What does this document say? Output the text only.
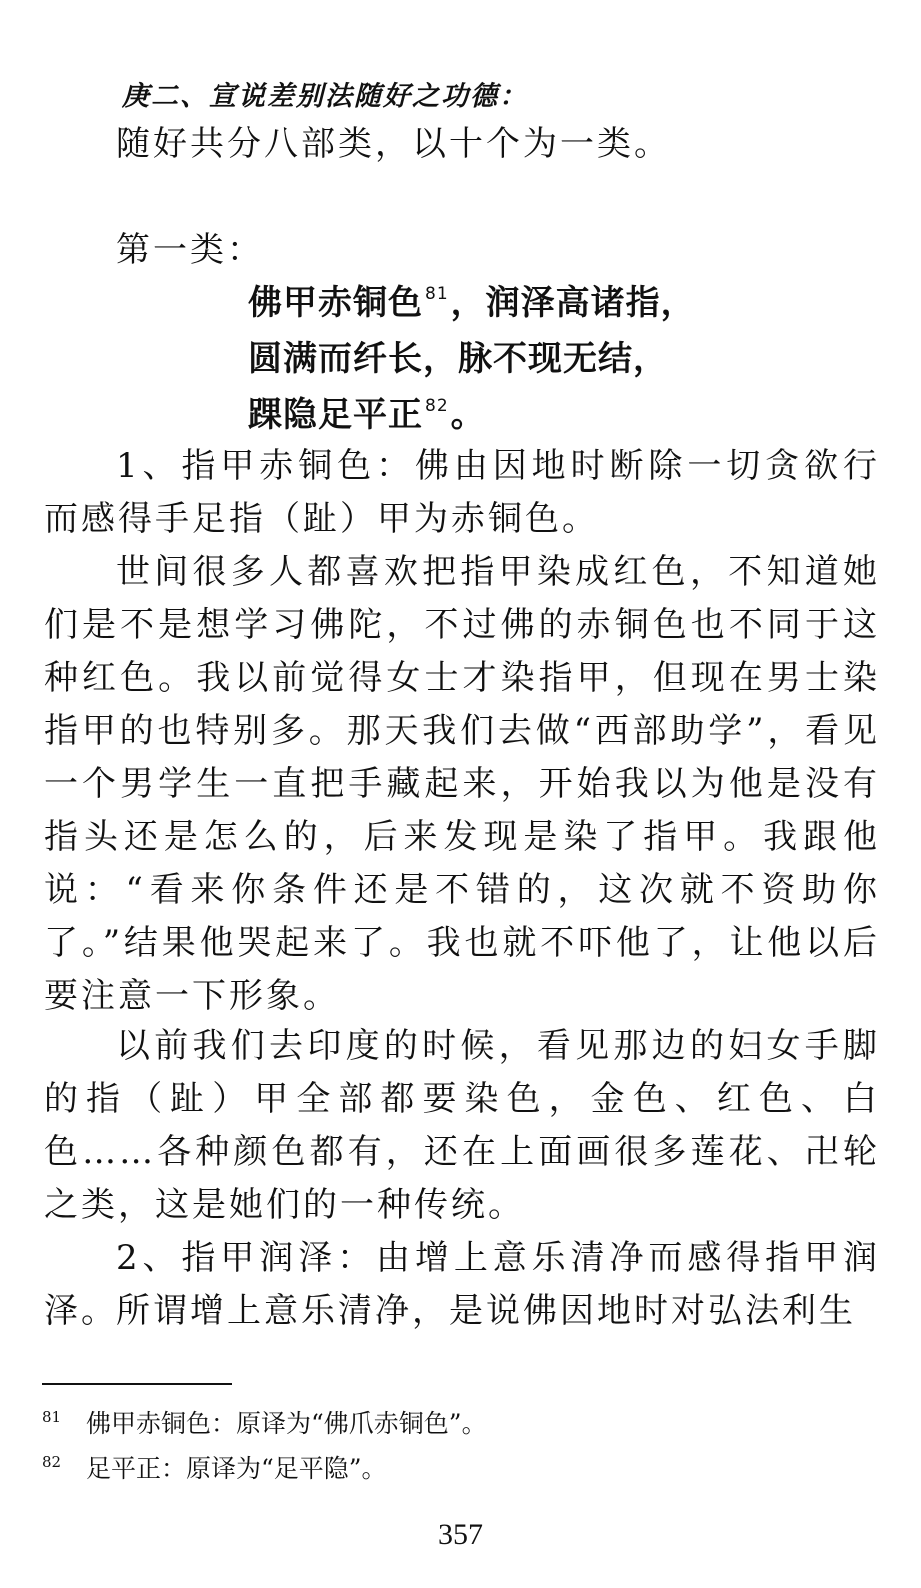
庚二、宣说差别法随好之功德：

随好共分八部类，以十个为一类。

第一类：

佛甲赤铜色 $^{81}$，润泽高诸指，
圆满而纤长，脉不现无结，
踝隐足平正 $^{82}$。

1、指甲赤铜色：佛由因地时断除一切贪欲行而感得手足指（趾）甲为赤铜色。

世间很多人都喜欢把指甲染成红色，不知道她们是不是想学习佛陀，不过佛的赤铜色也不同于这种红色。我以前觉得女士才染指甲，但现在男士染指甲的也特别多。那天我们去做“西部助学”，看见一个男学生一直把手藏起来，开始我以为他是没有指头还是怎么的，后来发现是染了指甲。我跟他说：“看来你条件还是不错的，这次就不资助你了。”结果他哭起来了。我也就不吓他了，让他以后要注意一下形象。

以前我们去印度的时候，看见那边的妇女手脚的指（趾）甲全部都要染色，金色、红色、白色……各种颜色都有，还在上面画很多莲花、卍轮之类，这是她们的一种传统。

2、指甲润泽：由增上意乐清净而感得指甲润泽。

所谓增上意乐清净，是说佛因地时对弘法利生

81 佛甲赤铜色：原译为“佛爪赤铜色”。
82 足平正：原译为“足平隐”。
357
